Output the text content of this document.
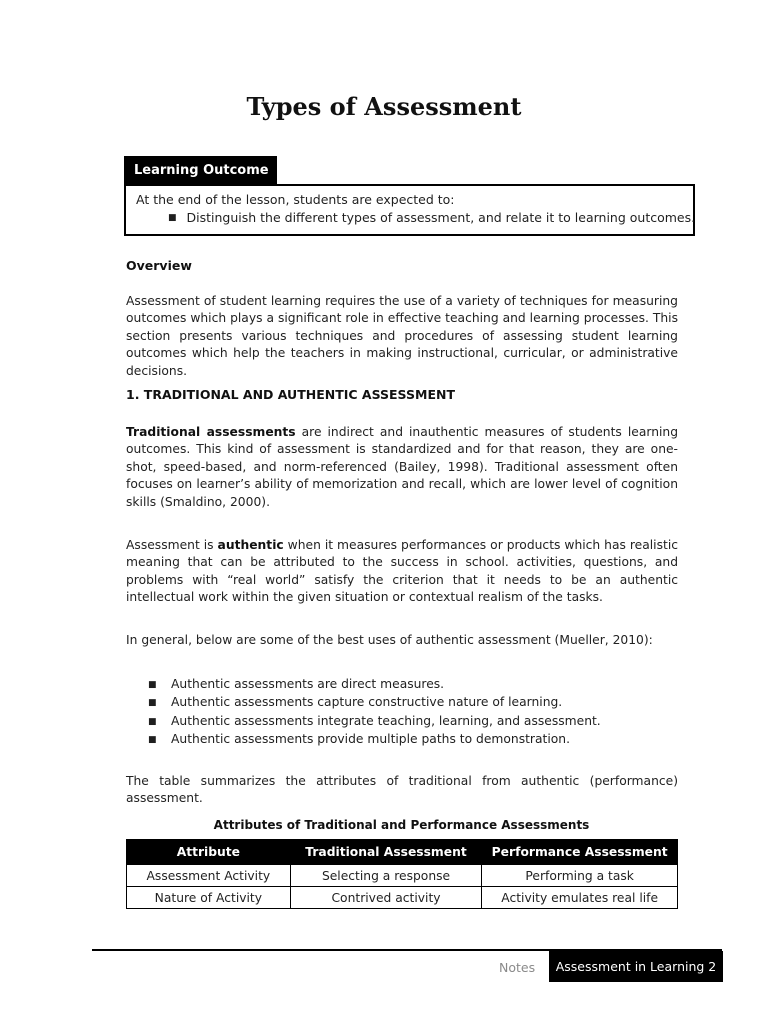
Types of Assessment
Learning Outcome
At the end of the lesson, students are expected to:
■ Distinguish the different types of assessment, and relate it to learning outcomes.
Overview
Assessment of student learning requires the use of a variety of techniques for measuring outcomes which plays a significant role in effective teaching and learning processes. This section presents various techniques and procedures of assessing student learning outcomes which help the teachers in making instructional, curricular, or administrative decisions.
1. TRADITIONAL AND AUTHENTIC ASSESSMENT
Traditional assessments are indirect and inauthentic measures of students learning outcomes. This kind of assessment is standardized and for that reason, they are one-shot, speed-based, and norm-referenced (Bailey, 1998). Traditional assessment often focuses on learner’s ability of memorization and recall, which are lower level of cognition skills (Smaldino, 2000).
Assessment is authentic when it measures performances or products which has realistic meaning that can be attributed to the success in school. activities, questions, and problems with “real world” satisfy the criterion that it needs to be an authentic intellectual work within the given situation or contextual realism of the tasks.
In general, below are some of the best uses of authentic assessment (Mueller, 2010):
■ Authentic assessments are direct measures.
■ Authentic assessments capture constructive nature of learning.
■ Authentic assessments integrate teaching, learning, and assessment.
■ Authentic assessments provide multiple paths to demonstration.
The table summarizes the attributes of traditional from authentic (performance) assessment.
Attributes of Traditional and Performance Assessments
Attribute	Traditional Assessment	Performance Assessment
Assessment Activity	Selecting a response	Performing a task
Nature of Activity	Contrived activity	Activity emulates real life
Notes	Assessment in Learning 2
